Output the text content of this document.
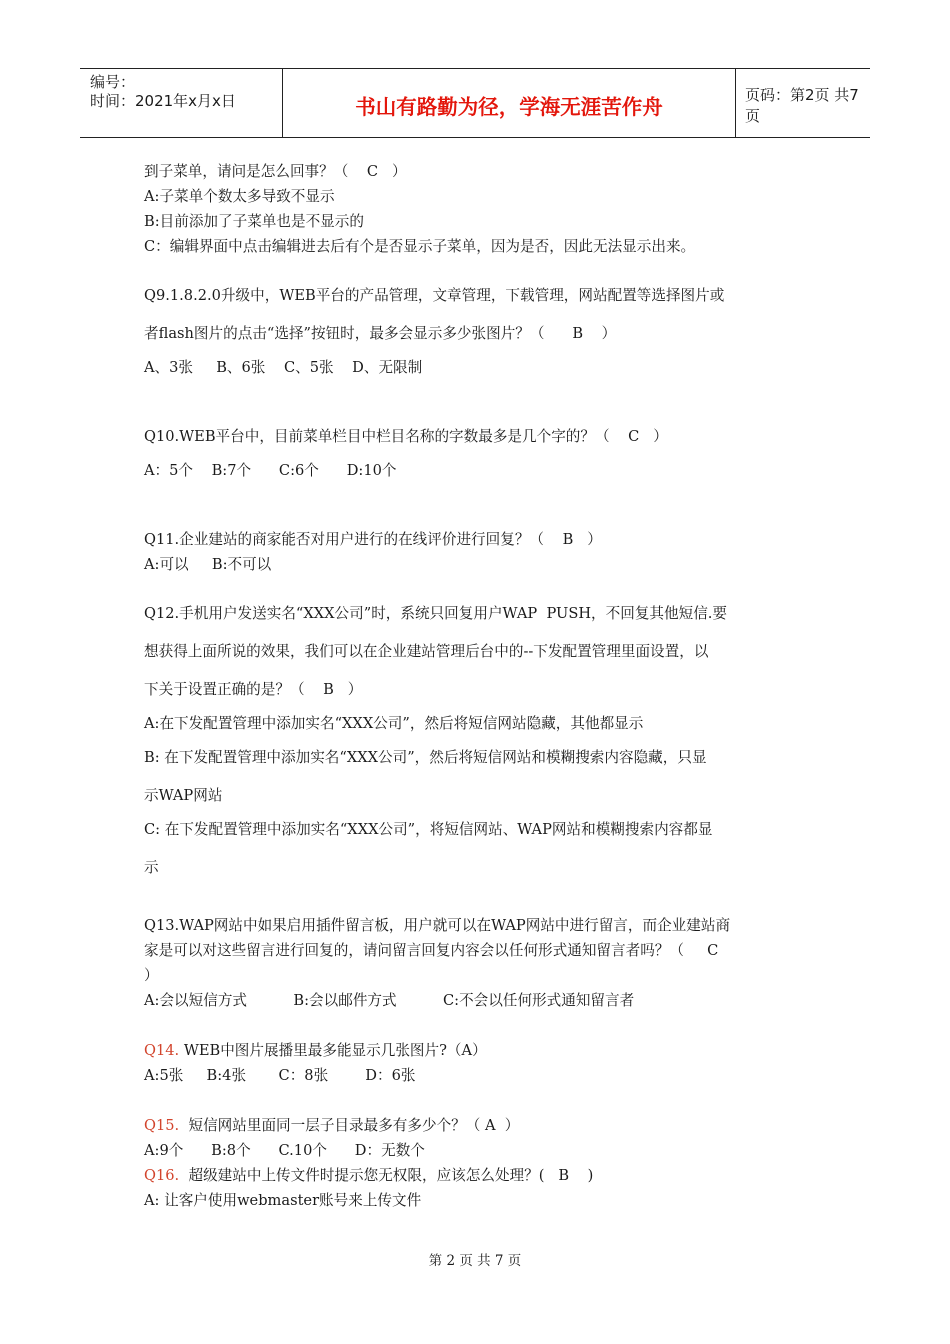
编号：
时间：2021年x月x日	书山有路勤为径，学海无涯苦作舟	页码：第2页 共7页
到子菜单，请问是怎么回事？（    C   ）
A:子菜单个数太多导致不显示
B:目前添加了子菜单也是不显示的
C：编辑界面中点击编辑进去后有个是否显示子菜单，因为是否，因此无法显示出来。
Q9.1.8.2.0升级中，WEB平台的产品管理，文章管理，下载管理，网站配置等选择图片或
者flash图片的点击“选择”按钮时，最多会显示多少张图片？（      B    ）
A、3张     B、6张    C、5张    D、无限制
Q10.WEB平台中，目前菜单栏目中栏目名称的字数最多是几个字的？（    C   ）
A：5个    B:7个      C:6个      D:10个
Q11.企业建站的商家能否对用户进行的在线评价进行回复？（    B   ）
A:可以     B:不可以
Q12.手机用户发送实名“XXX公司”时，系统只回复用户WAP  PUSH，不回复其他短信.要
想获得上面所说的效果，我们可以在企业建站管理后台中的--下发配置管理里面设置，以
下关于设置正确的是？（    B   ）
A:在下发配置管理中添加实名“XXX公司”，然后将短信网站隐藏，其他都显示
B: 在下发配置管理中添加实名“XXX公司”，然后将短信网站和模糊搜索内容隐藏，只显
示WAP网站
C: 在下发配置管理中添加实名“XXX公司”，将短信网站、WAP网站和模糊搜索内容都显
示
Q13.WAP网站中如果启用插件留言板，用户就可以在WAP网站中进行留言，而企业建站商
家是可以对这些留言进行回复的，请问留言回复内容会以任何形式通知留言者吗？（     C
）
A:会以短信方式          B:会以邮件方式          C:不会以任何形式通知留言者
Q14. WEB中图片展播里最多能显示几张图片?（A）
A:5张     B:4张       C：8张        D：6张
Q15. 短信网站里面同一层子目录最多有多少个？（ A  ）
A:9个      B:8个      C.10个      D：无数个
Q16. 超级建站中上传文件时提示您无权限，应该怎么处理？(   B    )
A: 让客户使用webmaster账号来上传文件
第 2 页 共 7 页
